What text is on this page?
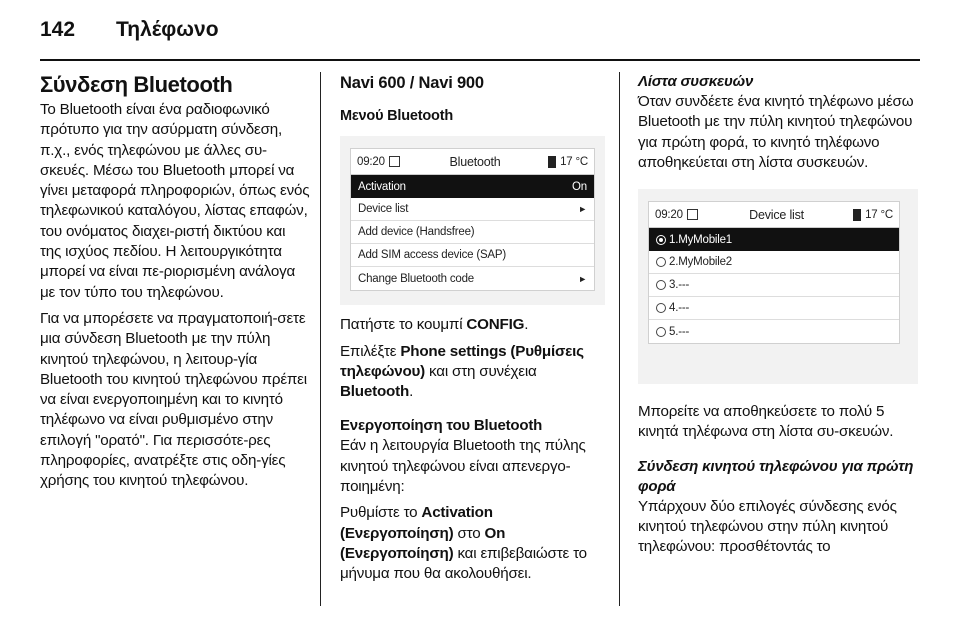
142	Τηλέφωνο
Σύνδεση Bluetooth

Το Bluetooth είναι ένα ραδιοφωνικό πρότυπο για την ασύρματη σύνδεση, π.χ., ενός τηλεφώνου με άλλες συ-σκευές. Μέσω του Bluetooth μπορεί να γίνει μεταφορά πληροφοριών, όπως ενός τηλεφωνικού καταλόγου, λίστας επαφών, του ονόματος διαχει-ριστή δικτύου και της ισχύος πεδίου. Η λειτουργικότητα μπορεί να είναι πε-ριορισμένη ανάλογα με τον τύπο του τηλεφώνου.

Για να μπορέσετε να πραγματοποιή-σετε μια σύνδεση Bluetooth με την πύλη κινητού τηλεφώνου, η λειτουρ-γία Bluetooth του κινητού τηλεφώνου πρέπει να είναι ενεργοποιημένη και το κινητό τηλέφωνο να είναι ρυθμισμένο στην επιλογή "ορατό". Για περισσότε-ρες πληροφορίες, ανατρέξτε στις οδη-γίες χρήσης του κινητού τηλεφώνου.

Navi 600 / Navi 900
Μενού Bluetooth
09:20	Bluetooth	17 °C
Activation	On
Device list	►
Add device (Handsfree)
Add SIM access device (SAP)
Change Bluetooth code	►

Πατήστε το κουμπί CONFIG.

Επιλέξτε Phone settings (Ρυθμίσεις τηλεφώνου) και στη συνέχεια Bluetooth.

Ενεργοποίηση του Bluetooth

Εάν η λειτουργία Bluetooth της πύλης κινητού τηλεφώνου είναι απενεργο-ποιημένη:

Ρυθμίστε το Activation (Ενεργοποίηση) στο On (Ενεργοποίηση) και επιβεβαιώστε το μήνυμα που θα ακολουθήσει.

Λίστα συσκευών

Όταν συνδέετε ένα κινητό τηλέφωνο μέσω Bluetooth με την πύλη κινητού τηλεφώνου για πρώτη φορά, το κινητό τηλέφωνο αποθηκεύεται στη λίστα συσκευών.

09:20	Device list	17 °C
1.MyMobile1
2.MyMobile2
3.---
4.---
5.---

Μπορείτε να αποθηκεύσετε το πολύ 5 κινητά τηλέφωνα στη λίστα συ-σκευών.

Σύνδεση κινητού τηλεφώνου για πρώτη φορά

Υπάρχουν δύο επιλογές σύνδεσης ενός κινητού τηλεφώνου στην πύλη κινητού τηλεφώνου: προσθέτοντάς το
